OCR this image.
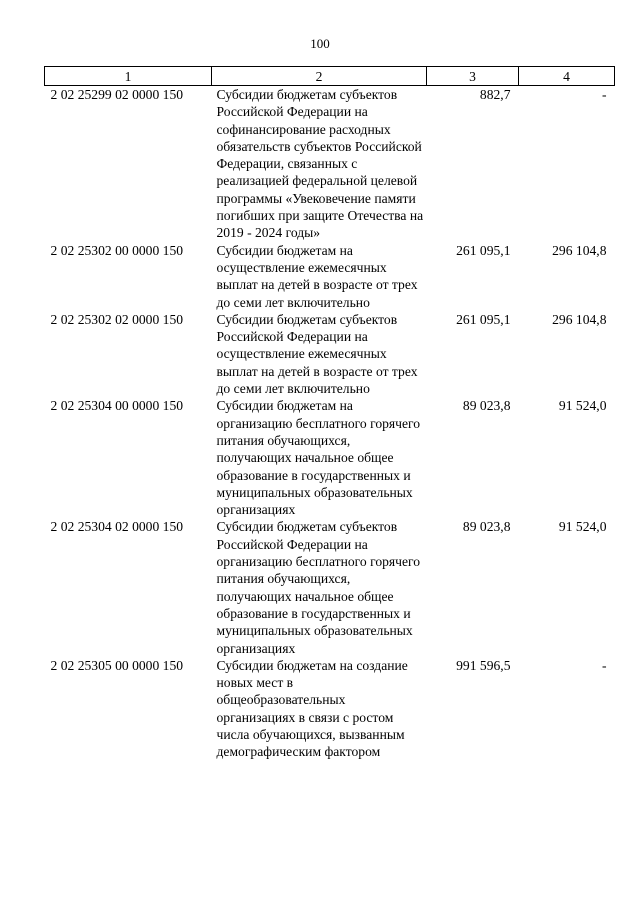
100
1	2	3	4
2 02 25299 02 0000 150	Субсидии бюджетам субъектов Российской Федерации на софинансирование расходных обязательств субъектов Российской Федерации, связанных с реализацией федеральной целевой программы «Увековечение памяти погибших при защите Отечества на 2019 - 2024 годы»	882,7	-
2 02 25302 00 0000 150	Субсидии бюджетам на осуществление ежемесячных выплат на детей в возрасте от трех до семи лет включительно	261 095,1	296 104,8
2 02 25302 02 0000 150	Субсидии бюджетам субъектов Российской Федерации на осуществление ежемесячных выплат на детей в возрасте от трех до семи лет включительно	261 095,1	296 104,8
2 02 25304 00 0000 150	Субсидии бюджетам на организацию бесплатного горячего питания обучающихся, получающих начальное общее образование в государственных и муниципальных образовательных организациях	89 023,8	91 524,0
2 02 25304 02 0000 150	Субсидии бюджетам субъектов Российской Федерации на организацию бесплатного горячего питания обучающихся, получающих начальное общее образование в государственных и муниципальных образовательных организациях	89 023,8	91 524,0
2 02 25305 00 0000 150	Субсидии бюджетам на создание новых мест в общеобразовательных организациях в связи с ростом числа обучающихся, вызванным демографическим фактором	991 596,5	-
